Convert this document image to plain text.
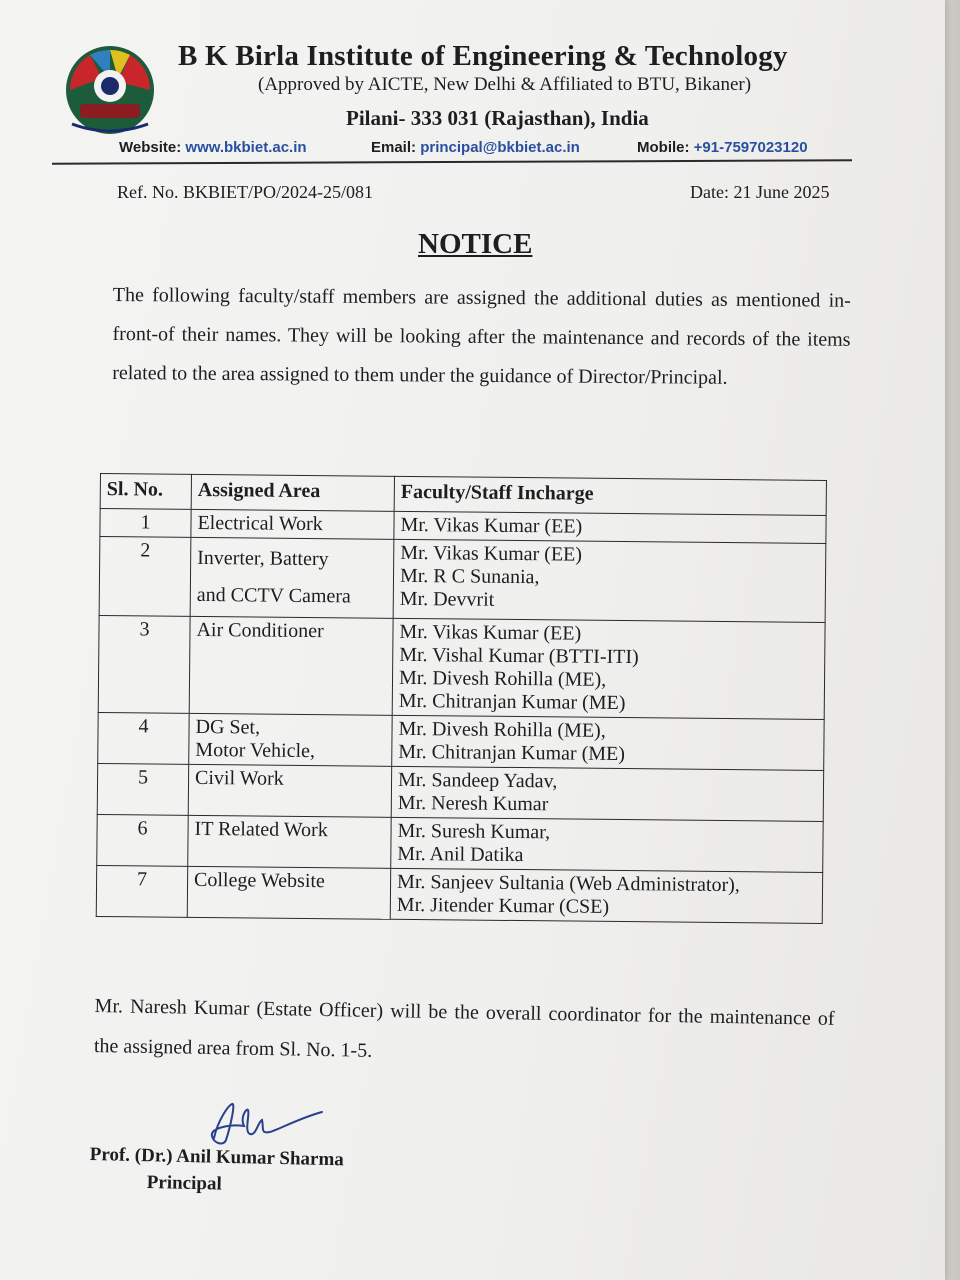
B K Birla Institute of Engineering & Technology
(Approved by AICTE, New Delhi & Affiliated to BTU, Bikaner)
Pilani- 333 031 (Rajasthan), India
Website: www.bkbiet.ac.in	Email: principal@bkbiet.ac.in	Mobile: +91-7597023120
Ref. No. BKBIET/PO/2024-25/081	Date: 21 June 2025
NOTICE
The following faculty/staff members are assigned the additional duties as mentioned in-front-of their names. They will be looking after the maintenance and records of the items related to the area assigned to them under the guidance of Director/Principal.
Sl. No.	Assigned Area	Faculty/Staff Incharge
1	Electrical Work	Mr. Vikas Kumar (EE)

2	Inverter, Battery
and CCTV Camera	Mr. Vikas Kumar (EE)
Mr. R C Sunania,
Mr. Devvrit

3	Air Conditioner	Mr. Vikas Kumar (EE)
Mr. Vishal Kumar (BTTI-ITI)
Mr. Divesh Rohilla (ME),
Mr. Chitranjan Kumar (ME)

4	DG Set,
Motor Vehicle,	Mr. Divesh Rohilla (ME),
Mr. Chitranjan Kumar (ME)

5	Civil Work	Mr. Sandeep Yadav,
Mr. Neresh Kumar

6	IT Related Work	Mr. Suresh Kumar,
Mr. Anil Datika

7	College Website	Mr. Sanjeev Sultania (Web Administrator),
Mr. Jitender Kumar (CSE)
Mr. Naresh Kumar (Estate Officer) will be the overall coordinator for the maintenance of the assigned area from Sl. No. 1-5.
Prof. (Dr.) Anil Kumar Sharma
Principal
